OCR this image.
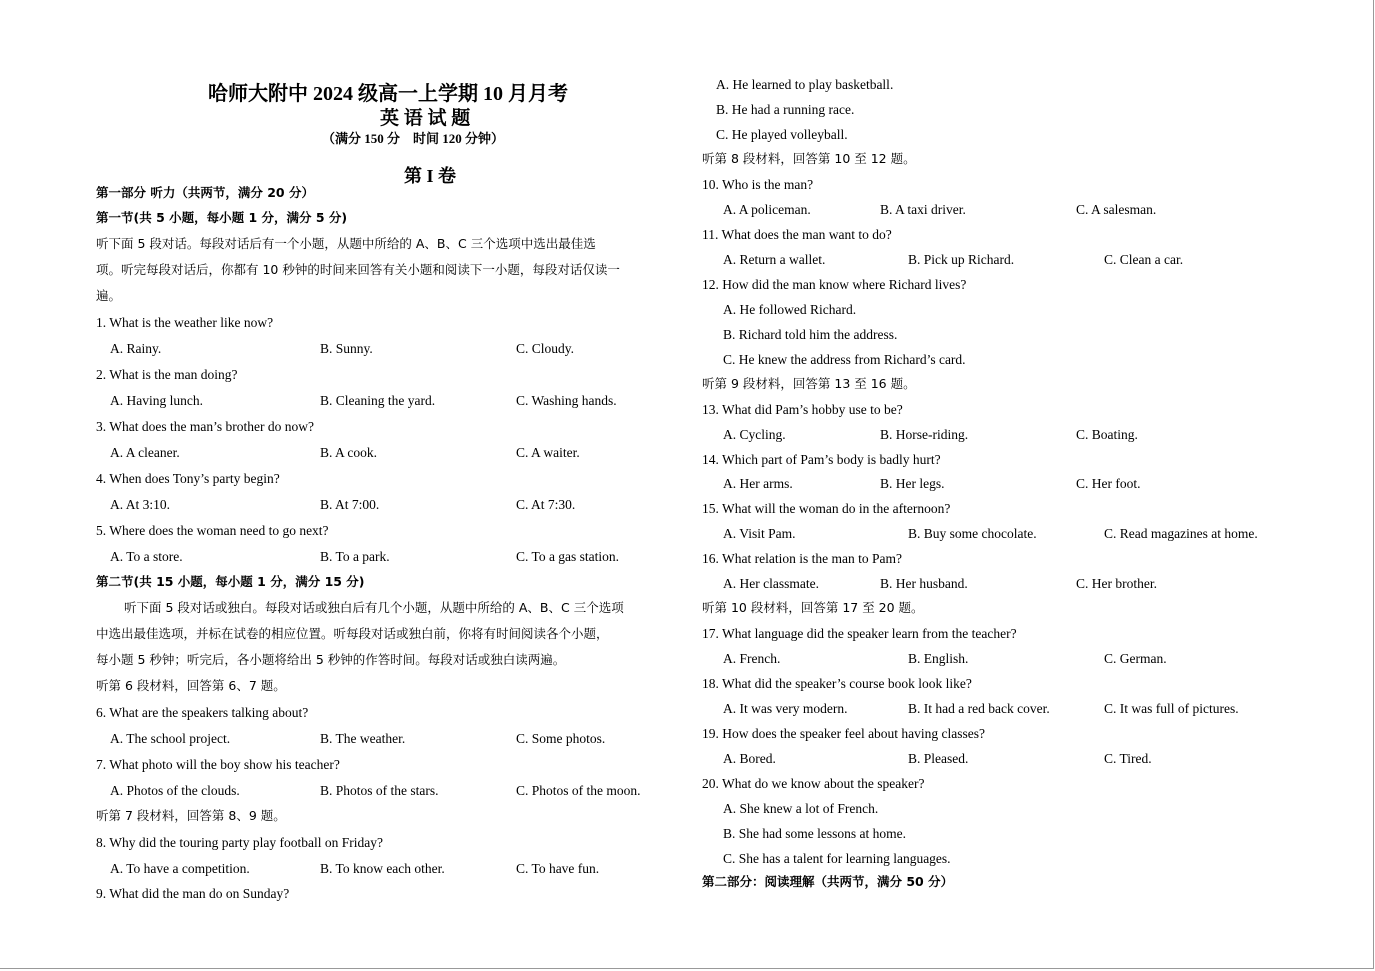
哈师大附中 2024 级高一上学期 10 月月考
英 语 试 题
（满分 150 分　时间 120 分钟）
第 I 卷
第一部分 听力（共两节，满分 20 分）
第一节(共 5 小题，每小题 1 分，满分 5 分)
听下面 5 段对话。每段对话后有一个小题，从题中所给的 A、B、C 三个选项中选出最佳选
项。听完每段对话后，你都有 10 秒钟的时间来回答有关小题和阅读下一小题，每段对话仅读一
遍。
1. What is the weather like now?
A. Rainy.	B. Sunny.	C. Cloudy.
2. What is the man doing?
A. Having lunch.	B. Cleaning the yard.	C. Washing hands.
3. What does the man’s brother do now?
A. A cleaner.	B. A cook.	C. A waiter.
4. When does Tony’s party begin?
A. At 3:10.	B. At 7:00.	C. At 7:30.
5. Where does the woman need to go next?
A. To a store.	B. To a park.	C. To a gas station.
第二节(共 15 小题，每小题 1 分，满分 15 分)
听下面 5 段对话或独白。每段对话或独白后有几个小题，从题中所给的 A、B、C 三个选项
中选出最佳选项，并标在试卷的相应位置。听每段对话或独白前，你将有时间阅读各个小题，
每小题 5 秒钟；听完后，各小题将给出 5 秒钟的作答时间。每段对话或独白读两遍。
听第 6 段材料，回答第 6、7 题。
6. What are the speakers talking about?
A. The school project.	B. The weather.	C. Some photos.
7. What photo will the boy show his teacher?
A. Photos of the clouds.	B. Photos of the stars.	C. Photos of the moon.
听第 7 段材料，回答第 8、9 题。
8. Why did the touring party play football on Friday?
A. To have a competition.	B. To know each other.	C. To have fun.
9. What did the man do on Sunday?
A. He learned to play basketball.
B. He had a running race.
C. He played volleyball.
听第 8 段材料，回答第 10 至 12 题。
10. Who is the man?
A. A policeman.	B. A taxi driver.	C. A salesman.
11. What does the man want to do?
A. Return a wallet.	B. Pick up Richard.	C. Clean a car.
12. How did the man know where Richard lives?
A. He followed Richard.
B. Richard told him the address.
C. He knew the address from Richard’s card.
听第 9 段材料，回答第 13 至 16 题。
13. What did Pam’s hobby use to be?
A. Cycling.	B. Horse-riding.	C. Boating.
14. Which part of Pam’s body is badly hurt?
A. Her arms.	B. Her legs.	C. Her foot.
15. What will the woman do in the afternoon?
A. Visit Pam.	B. Buy some chocolate.	C. Read magazines at home.
16. What relation is the man to Pam?
A. Her classmate.	B. Her husband.	C. Her brother.
听第 10 段材料，回答第 17 至 20 题。
17. What language did the speaker learn from the teacher?
A. French.	B. English.	C. German.
18. What did the speaker’s course book look like?
A. It was very modern.	B. It had a red back cover.	C. It was full of pictures.
19. How does the speaker feel about having classes?
A. Bored.	B. Pleased.	C. Tired.
20. What do we know about the speaker?
A. She knew a lot of French.
B. She had some lessons at home.
C. She has a talent for learning languages.
第二部分：阅读理解（共两节，满分 50 分）
